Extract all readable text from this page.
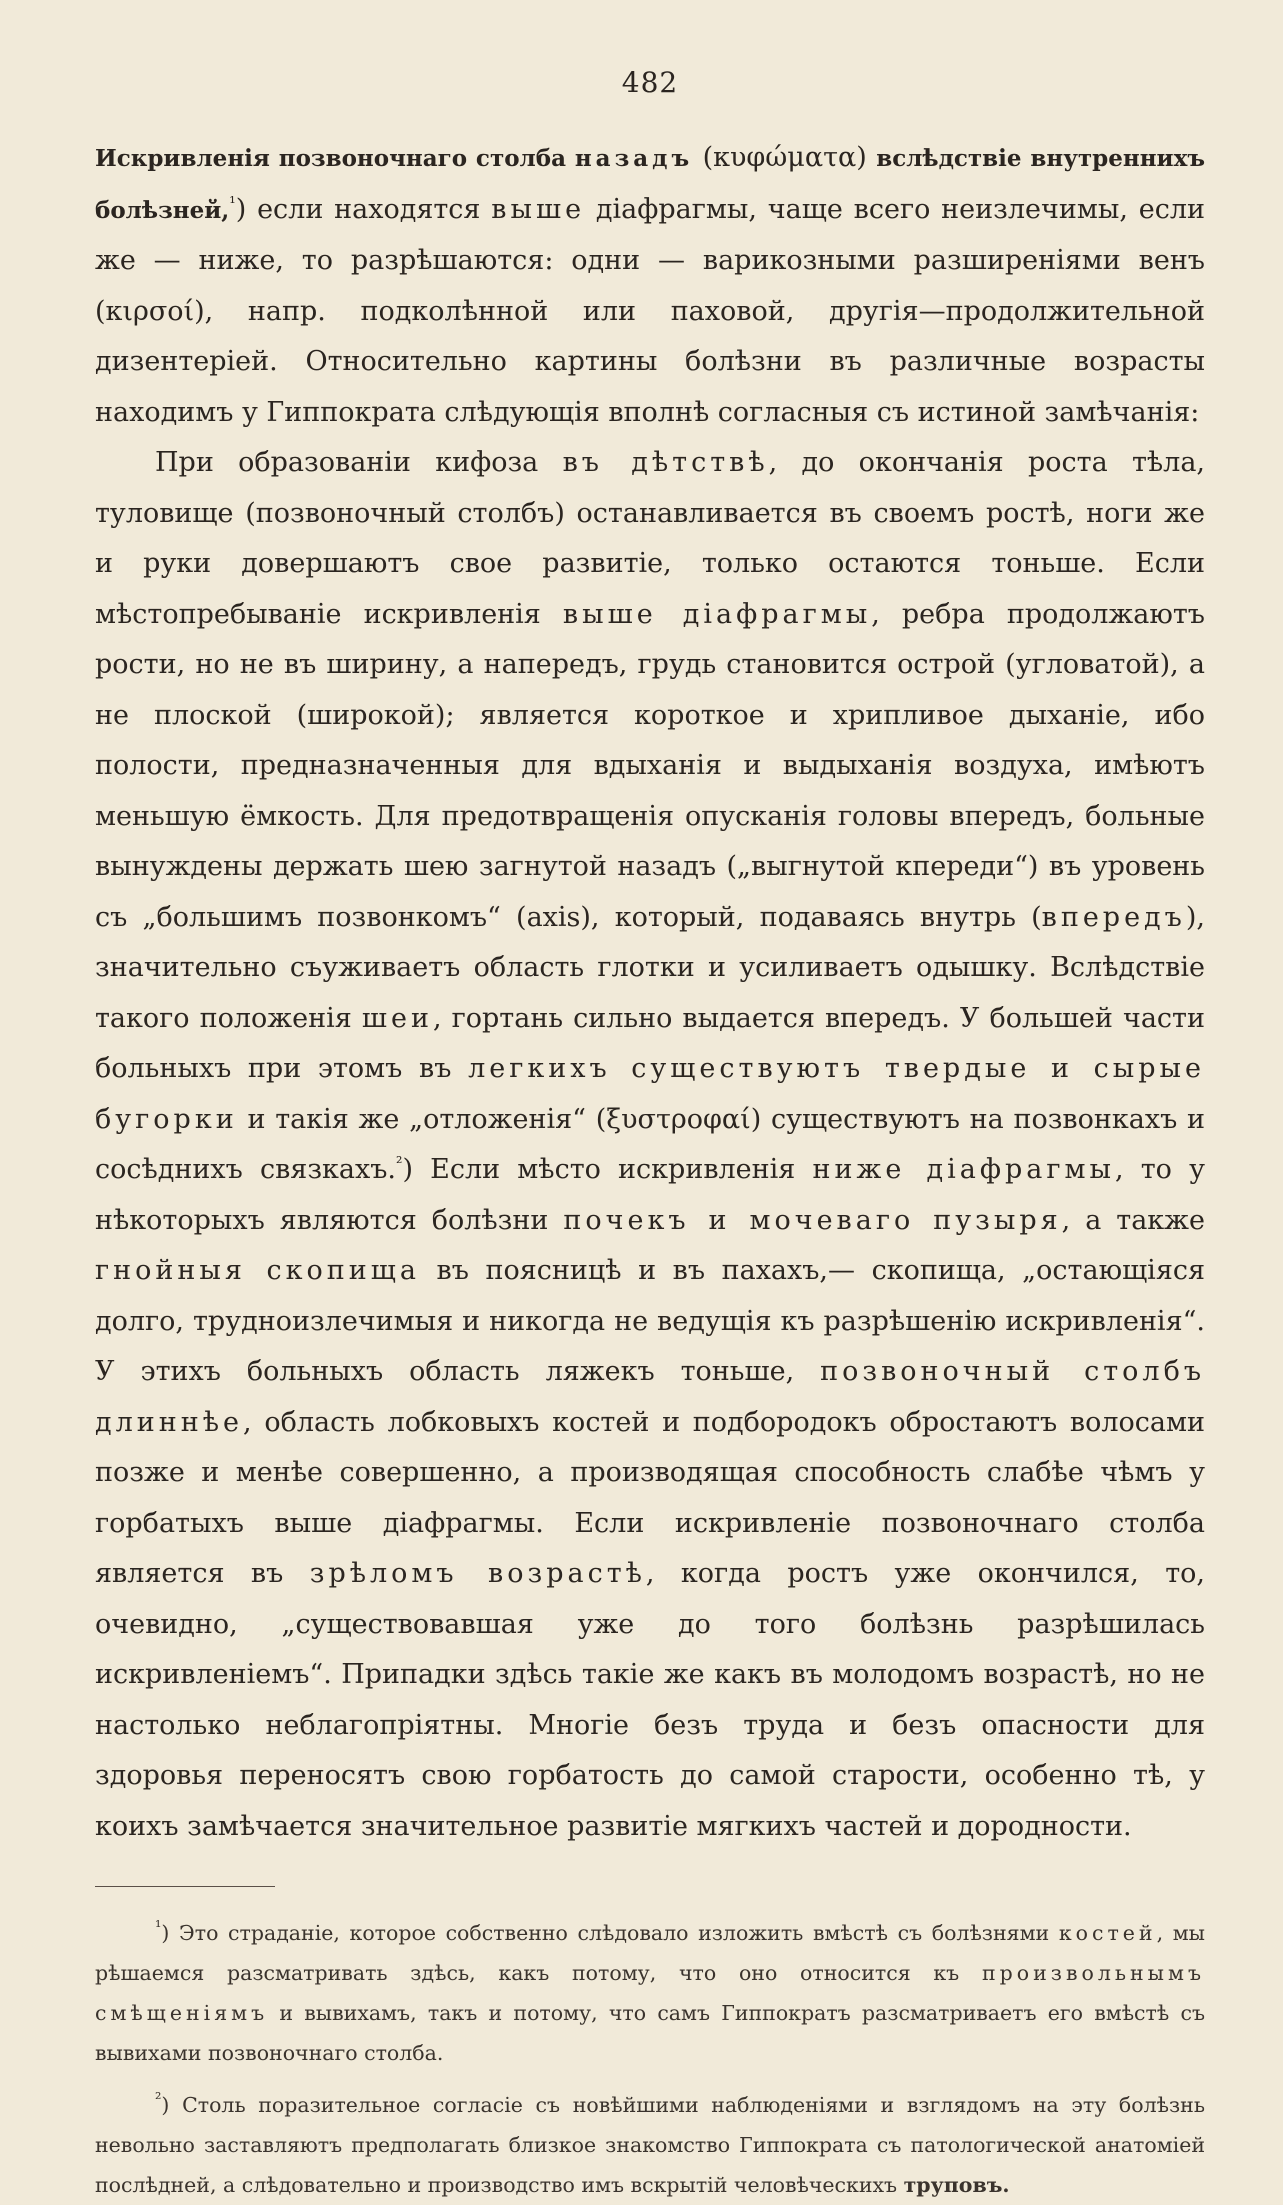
482

Искривленія позвоночнаго столба назадъ (κυφώματα) вслѣдствіе внутреннихъ болѣзней,$^{^1}$) если находятся выше діафрагмы, чаще всего неизлечимы, если же — ниже, то разрѣшаются: одни — варикозными разширеніями венъ (κιρσοί), напр. подколѣнной или паховой, другія—продолжительной дизентеріей. Относительно картины болѣзни въ различные возрасты находимъ у Гиппократа слѣдующія вполнѣ согласныя съ истиной замѣчанія:

При образованіи кифоза въ дѣтствѣ, до окончанія роста тѣла, туловище (позвоночный столбъ) останавливается въ своемъ ростѣ, ноги же и руки довершаютъ свое развитіе, только остаются тоньше. Если мѣстопребываніе искривленія выше діафрагмы, ребра продолжаютъ рости, но не въ ширину, а напередъ, грудь становится острой (угловатой), а не плоской (широкой); является короткое и хрипливое дыханіе, ибо полости, предназначенныя для вдыханія и выдыханія воздуха, имѣютъ меньшую ёмкость. Для предотвращенія опусканія головы впередъ, больные вынуждены держать шею загнутой назадъ („выгнутой кпереди“) въ уровень съ „большимъ позвонкомъ“ (axis), который, подаваясь внутрь (впередъ), значительно съуживаетъ область глотки и усиливаетъ одышку. Вслѣдствіе такого положенія шеи, гортань сильно выдается впередъ. У большей части больныхъ при этомъ въ легкихъ существуютъ твердые и сырые бугорки и такія же „отложенія“ (ξυστροφαί) существуютъ на позвонкахъ и сосѣднихъ связкахъ.$^{^2}$) Если мѣсто искривленія ниже діафрагмы, то у нѣкоторыхъ являются болѣзни почекъ и мочеваго пузыря, а также гнойныя скопища въ поясницѣ и въ пахахъ,— скопища, „остающіяся долго, трудноизлечимыя и никогда не ведущія къ разрѣшенію искривленія“. У этихъ больныхъ область ляжекъ тоньше, позвоночный столбъ длиннѣе, область лобковыхъ костей и подбородокъ обростаютъ волосами позже и менѣе совершенно, а производящая способность слабѣе чѣмъ у горбатыхъ выше діафрагмы. Если искривленіе позвоночнаго столба является въ зрѣломъ возрастѣ, когда ростъ уже окончился, то, очевидно, „существовавшая уже до того болѣзнь разрѣшилась искривленіемъ“. Припадки здѣсь такіе же какъ въ молодомъ возрастѣ, но не настолько неблагопріятны. Многіе безъ труда и безъ опасности для здоровья переносятъ свою горбатость до самой старости, особенно тѣ, у коихъ замѣчается значительное развитіе мягкихъ частей и дородности.

$^{^1}$) Это страданіе, которое собственно слѣдовало изложить вмѣстѣ съ болѣзнями костей, мы рѣшаемся разсматривать здѣсь, какъ потому, что оно относится къ произвольнымъ смѣщеніямъ и вывихамъ, такъ и потому, что самъ Гиппократъ разсматриваетъ его вмѣстѣ съ вывихами позвоночнаго столба.

$^{^2}$) Столь поразительное согласіе съ новѣйшими наблюденіями и взглядомъ на эту болѣзнь невольно заставляютъ предполагать близкое знакомство Гиппократа съ патологической анатоміей послѣдней, а слѣдовательно и производство имъ вскрытій человѣческихъ труповъ.
